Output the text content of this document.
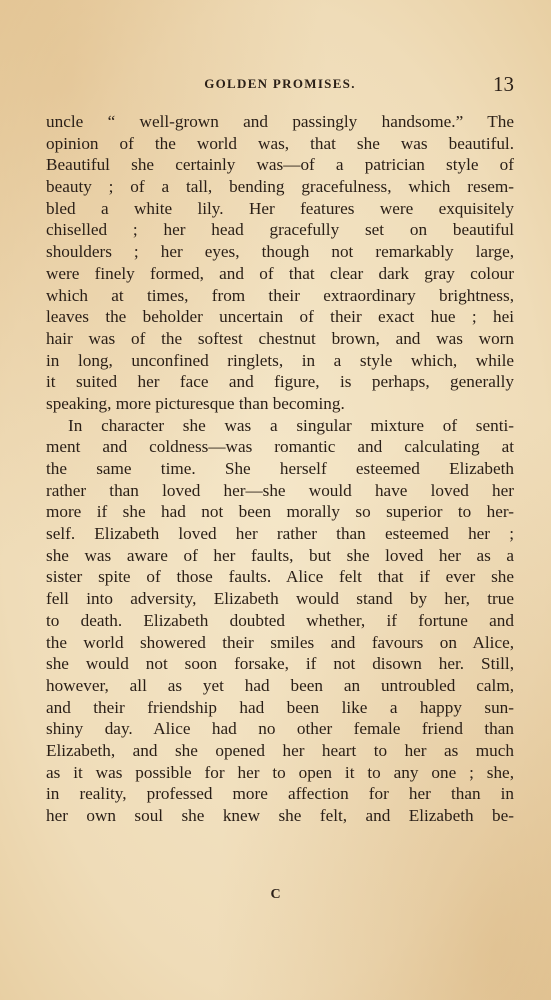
GOLDEN PROMISES.	13
uncle “ well-grown and passingly handsome.” The
opinion of the world was, that she was beautiful.
Beautiful she certainly was—of a patrician style of
beauty ; of a tall, bending gracefulness, which resem-
bled a white lily. Her features were exquisitely
chiselled ; her head gracefully set on beautiful
shoulders ; her eyes, though not remarkably large,
were finely formed, and of that clear dark gray colour
which at times, from their extraordinary brightness,
leaves the beholder uncertain of their exact hue ; hei
hair was of the softest chestnut brown, and was worn
in long, unconfined ringlets, in a style which, while
it suited her face and figure, is perhaps, generally
speaking, more picturesque than becoming.
In character she was a singular mixture of senti-
ment and coldness—was romantic and calculating at
the same time. She herself esteemed Elizabeth
rather than loved her—she would have loved her
more if she had not been morally so superior to her-
self. Elizabeth loved her rather than esteemed her ;
she was aware of her faults, but she loved her as a
sister spite of those faults. Alice felt that if ever she
fell into adversity, Elizabeth would stand by her, true
to death. Elizabeth doubted whether, if fortune and
the world showered their smiles and favours on Alice,
she would not soon forsake, if not disown her. Still,
however, all as yet had been an untroubled calm,
and their friendship had been like a happy sun-
shiny day. Alice had no other female friend than
Elizabeth, and she opened her heart to her as much
as it was possible for her to open it to any one ; she,
in reality, professed more affection for her than in
her own soul she knew she felt, and Elizabeth be-
C
